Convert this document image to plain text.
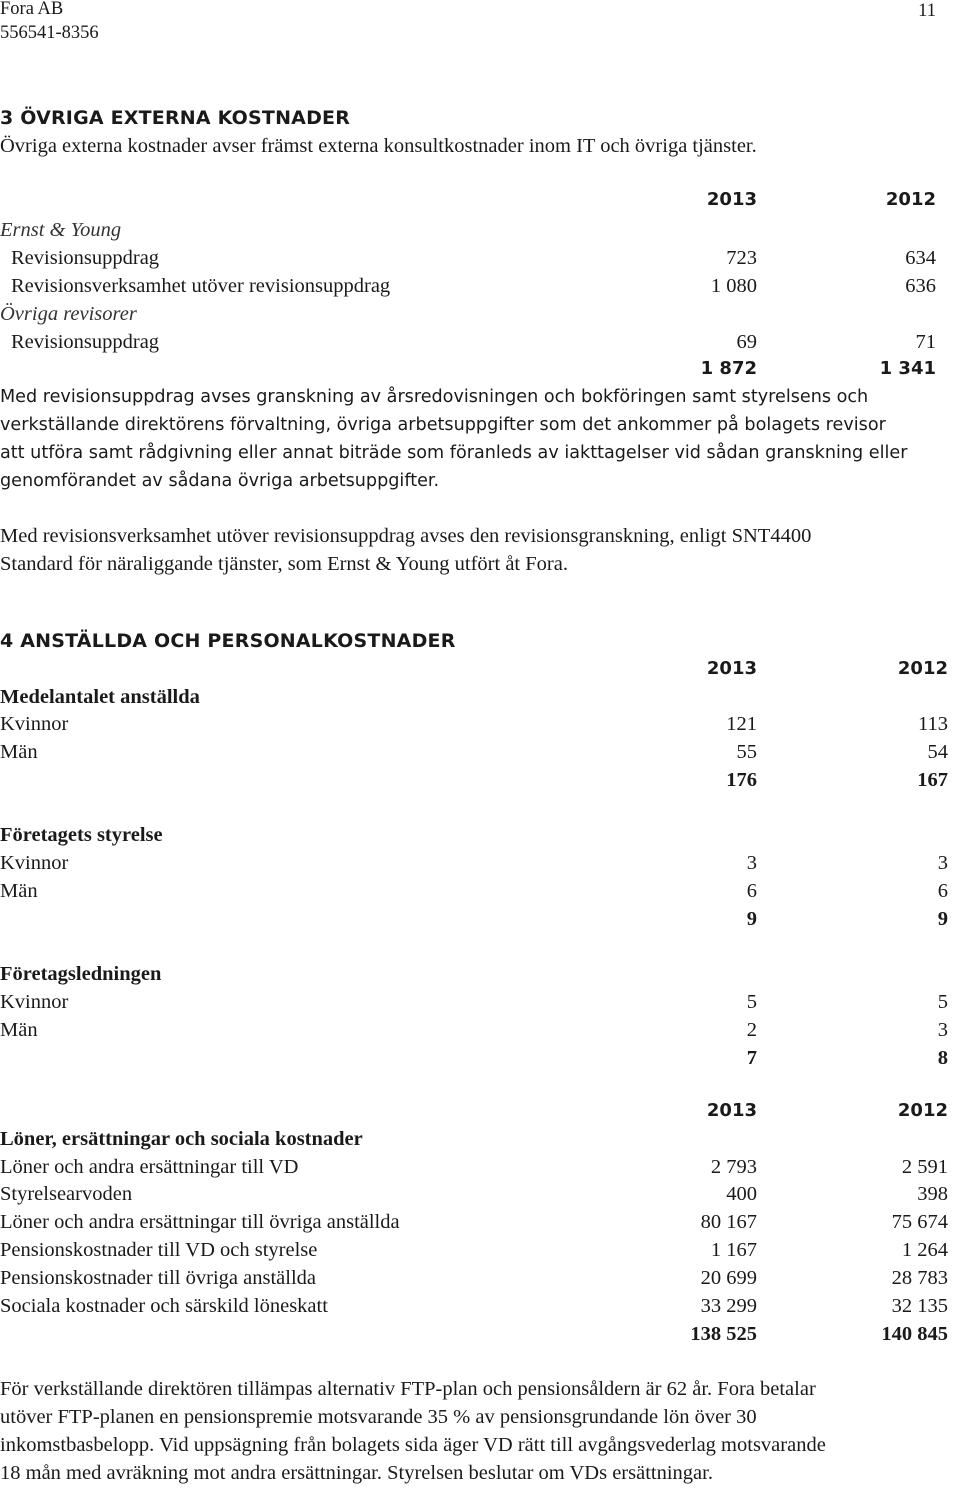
Fora AB
556541-8356
11
3 ÖVRIGA EXTERNA KOSTNADER
Övriga externa kostnader avser främst externa konsultkostnader inom IT och övriga tjänster.
2013	2012
Ernst & Young
Revisionsuppdrag	723	634
Revisionsverksamhet utöver revisionsuppdrag	1 080	636
Övriga revisorer
Revisionsuppdrag	69	71
1 872	1 341
Med revisionsuppdrag avses granskning av årsredovisningen och bokföringen samt styrelsens och
verkställande direktörens förvaltning, övriga arbetsuppgifter som det ankommer på bolagets revisor
att utföra samt rådgivning eller annat biträde som föranleds av iakttagelser vid sådan granskning eller
genomförandet av sådana övriga arbetsuppgifter.
Med revisionsverksamhet utöver revisionsuppdrag avses den revisionsgranskning, enligt SNT4400
Standard för näraliggande tjänster, som Ernst & Young utfört åt Fora.
4 ANSTÄLLDA OCH PERSONALKOSTNADER
2013	2012
Medelantalet anställda
Kvinnor	121	113
Män	55	54
176	167
Företagets styrelse
Kvinnor	3	3
Män	6	6
9	9
Företagsledningen
Kvinnor	5	5
Män	2	3
7	8
2013	2012
Löner, ersättningar och sociala kostnader
Löner och andra ersättningar till VD	2 793	2 591
Styrelsearvoden	400	398
Löner och andra ersättningar till övriga anställda	80 167	75 674
Pensionskostnader till VD och styrelse	1 167	1 264
Pensionskostnader till övriga anställda	20 699	28 783
Sociala kostnader och särskild löneskatt	33 299	32 135
138 525	140 845
För verkställande direktören tillämpas alternativ FTP-plan och pensionsåldern är 62 år. Fora betalar
utöver FTP-planen en pensionspremie motsvarande 35 % av pensionsgrundande lön över 30
inkomstbasbelopp. Vid uppsägning från bolagets sida äger VD rätt till avgångsvederlag motsvarande
18 mån med avräkning mot andra ersättningar. Styrelsen beslutar om VDs ersättningar.
